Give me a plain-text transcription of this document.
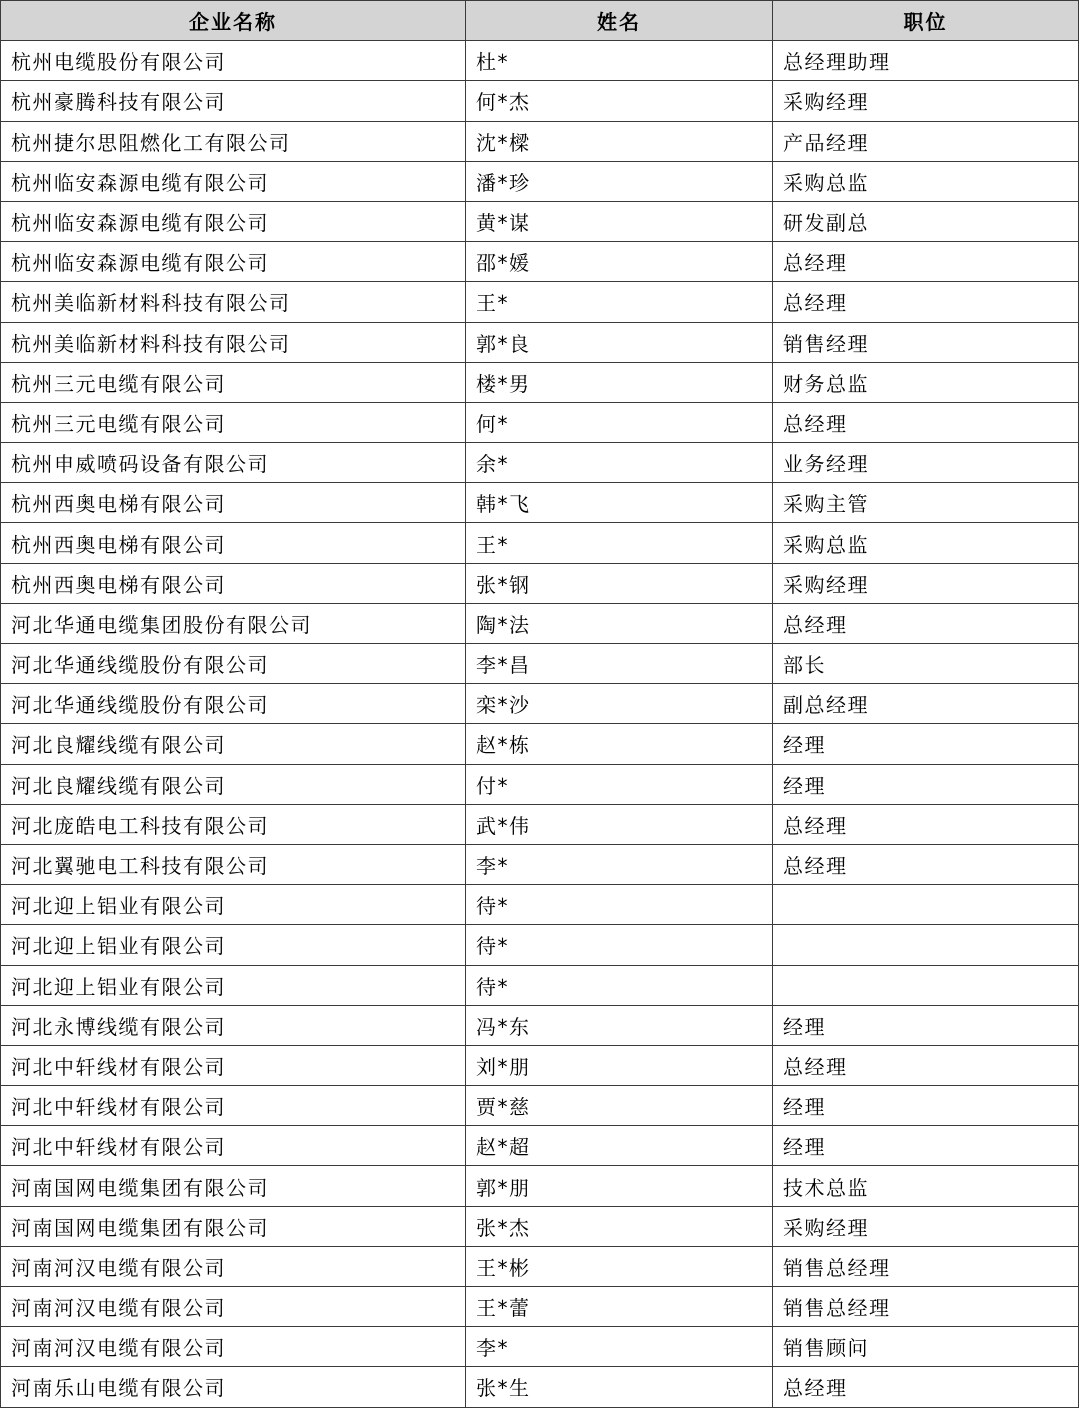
企业名称	姓名	职位
杭州电缆股份有限公司	杜*	总经理助理
杭州豪腾科技有限公司	何*杰	采购经理
杭州捷尔思阻燃化工有限公司	沈*樑	产品经理
杭州临安森源电缆有限公司	潘*珍	采购总监
杭州临安森源电缆有限公司	黄*谋	研发副总
杭州临安森源电缆有限公司	邵*媛	总经理
杭州美临新材料科技有限公司	王*	总经理
杭州美临新材料科技有限公司	郭*良	销售经理
杭州三元电缆有限公司	楼*男	财务总监
杭州三元电缆有限公司	何*	总经理
杭州申威喷码设备有限公司	余*	业务经理
杭州西奥电梯有限公司	韩*飞	采购主管
杭州西奥电梯有限公司	王*	采购总监
杭州西奥电梯有限公司	张*钢	采购经理
河北华通电缆集团股份有限公司	陶*法	总经理
河北华通线缆股份有限公司	李*昌	部长
河北华通线缆股份有限公司	栾*沙	副总经理
河北良耀线缆有限公司	赵*栋	经理
河北良耀线缆有限公司	付*	经理
河北庞皓电工科技有限公司	武*伟	总经理
河北翼驰电工科技有限公司	李*	总经理
河北迎上铝业有限公司	待*	
河北迎上铝业有限公司	待*	
河北迎上铝业有限公司	待*	
河北永博线缆有限公司	冯*东	经理
河北中轩线材有限公司	刘*朋	总经理
河北中轩线材有限公司	贾*慈	经理
河北中轩线材有限公司	赵*超	经理
河南国网电缆集团有限公司	郭*朋	技术总监
河南国网电缆集团有限公司	张*杰	采购经理
河南河汉电缆有限公司	王*彬	销售总经理
河南河汉电缆有限公司	王*蕾	销售总经理
河南河汉电缆有限公司	李*	销售顾问
河南乐山电缆有限公司	张*生	总经理
